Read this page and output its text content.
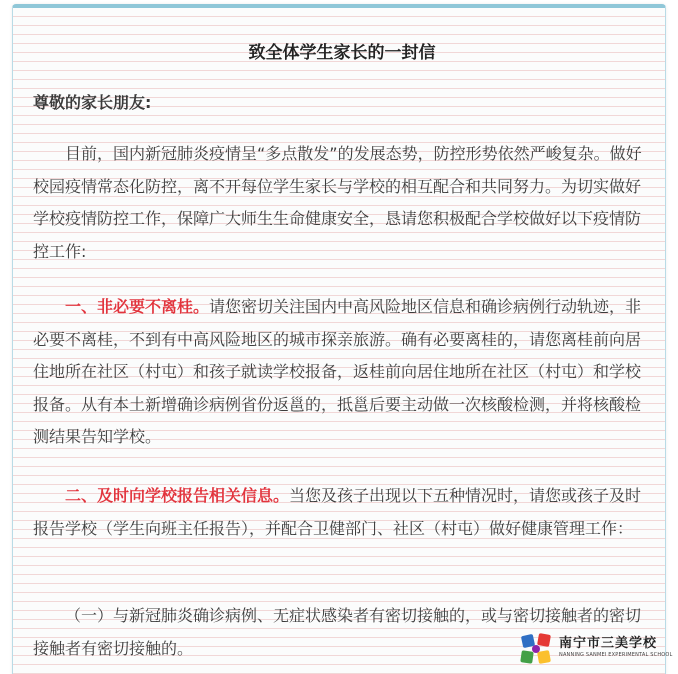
致全体学生家长的一封信
尊敬的家长朋友:
目前，国内新冠肺炎疫情呈“多点散发”的发展态势，防控形势依然严峻复杂。做好校园疫情常态化防控，离不开每位学生家长与学校的相互配合和共同努力。为切实做好学校疫情防控工作，保障广大师生生命健康安全，恳请您积极配合学校做好以下疫情防控工作:
一、非必要不离桂。请您密切关注国内中高风险地区信息和确诊病例行动轨迹，非必要不离桂，不到有中高风险地区的城市探亲旅游。确有必要离桂的，请您离桂前向居住地所在社区（村屯）和孩子就读学校报备，返桂前向居住地所在社区（村屯）和学校报备。从有本土新增确诊病例省份返邕的，抵邕后要主动做一次核酸检测，并将核酸检测结果告知学校。
二、及时向学校报告相关信息。当您及孩子出现以下五种情况时，请您或孩子及时报告学校（学生向班主任报告），并配合卫健部门、社区（村屯）做好健康管理工作：
（一）与新冠肺炎确诊病例、无症状感染者有密切接触的，或与密切接触者的密切接触者有密切接触的。	南宁市三美学校
NANNING SANMEI EXPERIMENTAL SCHOOL
